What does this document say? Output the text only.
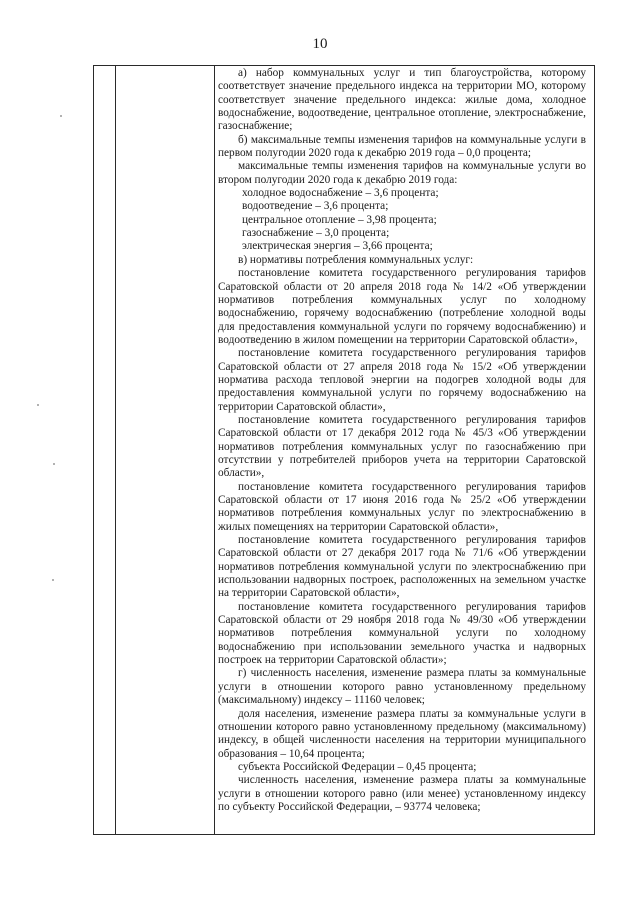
10

а) набор коммунальных услуг и тип благоустройства, которому соответствует значение предельного индекса на территории МО, которому соответствует значение предельного индекса: жилые дома, холодное водоснабжение, водоотведение, центральное отопление, электроснабжение, газоснабжение;

б) максимальные темпы изменения тарифов на коммунальные услуги в первом полугодии 2020 года к декабрю 2019 года – 0,0 процента;

максимальные темпы изменения тарифов на коммунальные услуги во втором полугодии 2020 года к декабрю 2019 года:

холодное водоснабжение – 3,6 процента;

водоотведение – 3,6 процента;

центральное отопление – 3,98 процента;

газоснабжение – 3,0 процента;

электрическая энергия – 3,66 процента;

в) нормативы потребления коммунальных услуг:

постановление комитета государственного регулирования тарифов Саратовской области от 20 апреля 2018 года № 14/2 «Об утверждении нормативов потребления коммунальных услуг по холодному водоснабжению, горячему водоснабжению (потребление холодной воды для предоставления коммунальной услуги по горячему водоснабжению) и водоотведению в жилом помещении на территории Саратовской области»,

постановление комитета государственного регулирования тарифов Саратовской области от 27 апреля 2018 года № 15/2 «Об утверждении норматива расхода тепловой энергии на подогрев холодной воды для предоставления коммунальной услуги по горячему водоснабжению на территории Саратовской области»,

постановление комитета государственного регулирования тарифов Саратовской области от 17 декабря 2012 года № 45/3 «Об утверждении нормативов потребления коммунальных услуг по газоснабжению при отсутствии у потребителей приборов учета на территории Саратовской области»,

постановление комитета государственного регулирования тарифов Саратовской области от 17 июня 2016 года № 25/2 «Об утверждении нормативов потребления коммунальных услуг по электроснабжению в жилых помещениях на территории Саратовской области»,

постановление комитета государственного регулирования тарифов Саратовской области от 27 декабря 2017 года № 71/6 «Об утверждении нормативов потребления коммунальной услуги по электроснабжению при использовании надворных построек, расположенных на земельном участке на территории Саратовской области»,

постановление комитета государственного регулирования тарифов Саратовской области от 29 ноября 2018 года № 49/30 «Об утверждении нормативов потребления коммунальной услуги по холодному водоснабжению при использовании земельного участка и надворных построек на территории Саратовской области»;

г) численность населения, изменение размера платы за коммунальные услуги в отношении которого равно установленному предельному (максимальному) индексу – 11160 человек;

доля населения, изменение размера платы за коммунальные услуги в отношении которого равно установленному предельному (максимальному) индексу, в общей численности населения на территории муниципального образования – 10,64 процента;

субъекта Российской Федерации – 0,45 процента;

численность населения, изменение размера платы за коммунальные услуги в отношении которого равно (или менее) установленному индексу по субъекту Российской Федерации, – 93774 человека;
